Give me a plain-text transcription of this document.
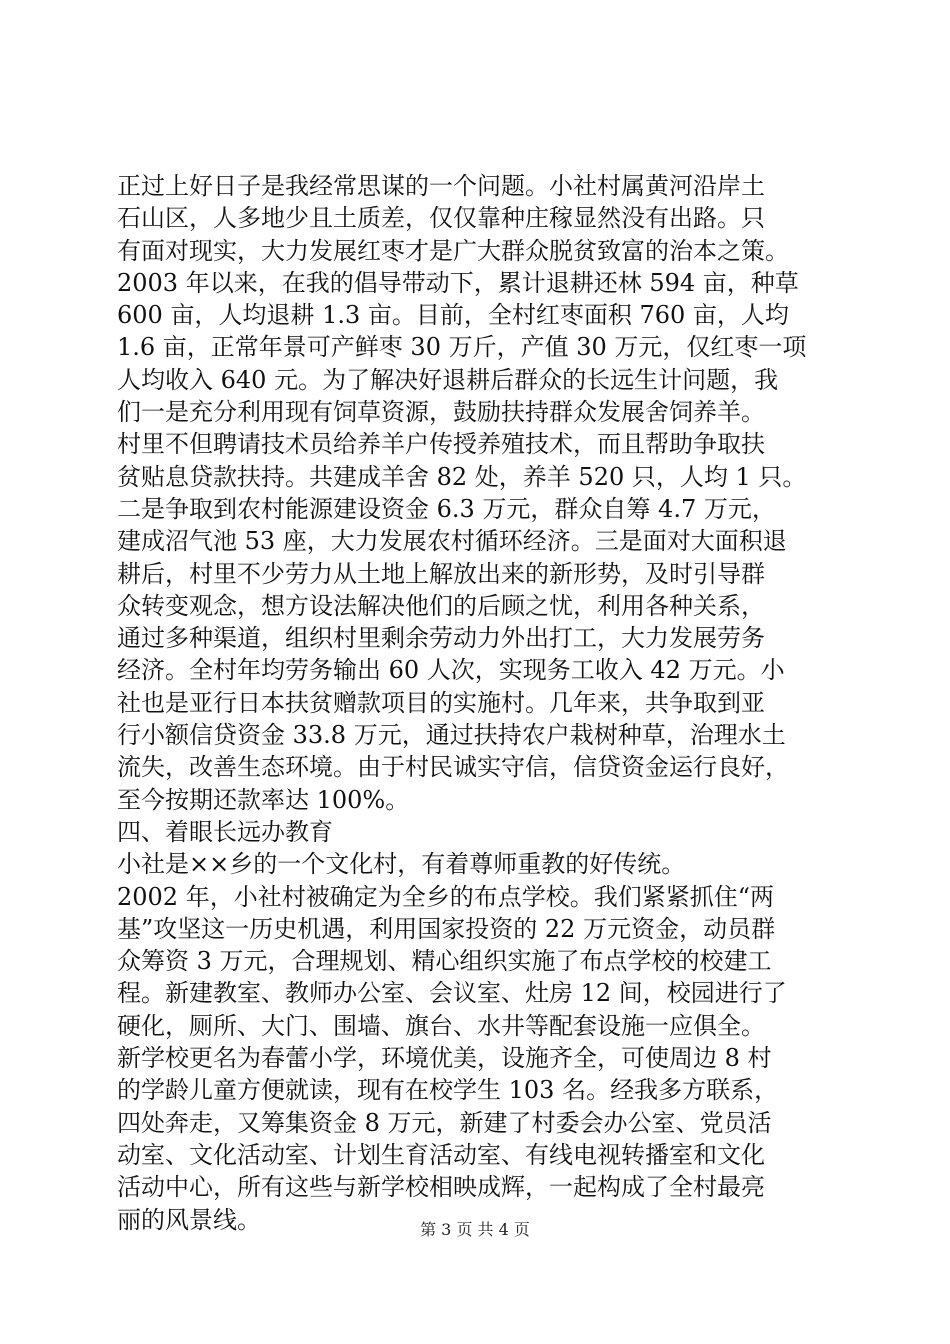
正过上好日子是我经常思谋的一个问题。小社村属黄河沿岸土
石山区，人多地少且土质差，仅仅靠种庄稼显然没有出路。只
有面对现实，大力发展红枣才是广大群众脱贫致富的治本之策。
2003 年以来，在我的倡导带动下，累计退耕还林 594 亩，种草
600 亩，人均退耕 1.3 亩。目前，全村红枣面积 760 亩，人均
1.6 亩，正常年景可产鲜枣 30 万斤，产值 30 万元，仅红枣一项
人均收入 640 元。为了解决好退耕后群众的长远生计问题，我
们一是充分利用现有饲草资源，鼓励扶持群众发展舍饲养羊。
村里不但聘请技术员给养羊户传授养殖技术，而且帮助争取扶
贫贴息贷款扶持。共建成羊舍 82 处，养羊 520 只，人均 1 只。
二是争取到农村能源建设资金 6.3 万元，群众自筹 4.7 万元，
建成沼气池 53 座，大力发展农村循环经济。三是面对大面积退
耕后，村里不少劳力从土地上解放出来的新形势，及时引导群
众转变观念，想方设法解决他们的后顾之忧，利用各种关系，
通过多种渠道，组织村里剩余劳动力外出打工，大力发展劳务
经济。全村年均劳务输出 60 人次，实现务工收入 42 万元。小
社也是亚行日本扶贫赠款项目的实施村。几年来，共争取到亚
行小额信贷资金 33.8 万元，通过扶持农户栽树种草，治理水土
流失，改善生态环境。由于村民诚实守信，信贷资金运行良好，
至今按期还款率达 100%。
四、着眼长远办教育
小社是××乡的一个文化村，有着尊师重教的好传统。
2002 年，小社村被确定为全乡的布点学校。我们紧紧抓住“两
基”攻坚这一历史机遇，利用国家投资的 22 万元资金，动员群
众筹资 3 万元，合理规划、精心组织实施了布点学校的校建工
程。新建教室、教师办公室、会议室、灶房 12 间，校园进行了
硬化，厕所、大门、围墙、旗台、水井等配套设施一应俱全。
新学校更名为春蕾小学，环境优美，设施齐全，可使周边 8 村
的学龄儿童方便就读，现有在校学生 103 名。经我多方联系，
四处奔走，又筹集资金 8 万元，新建了村委会办公室、党员活
动室、文化活动室、计划生育活动室、有线电视转播室和文化
活动中心，所有这些与新学校相映成辉，一起构成了全村最亮
丽的风景线。	第 3 页 共 4 页
